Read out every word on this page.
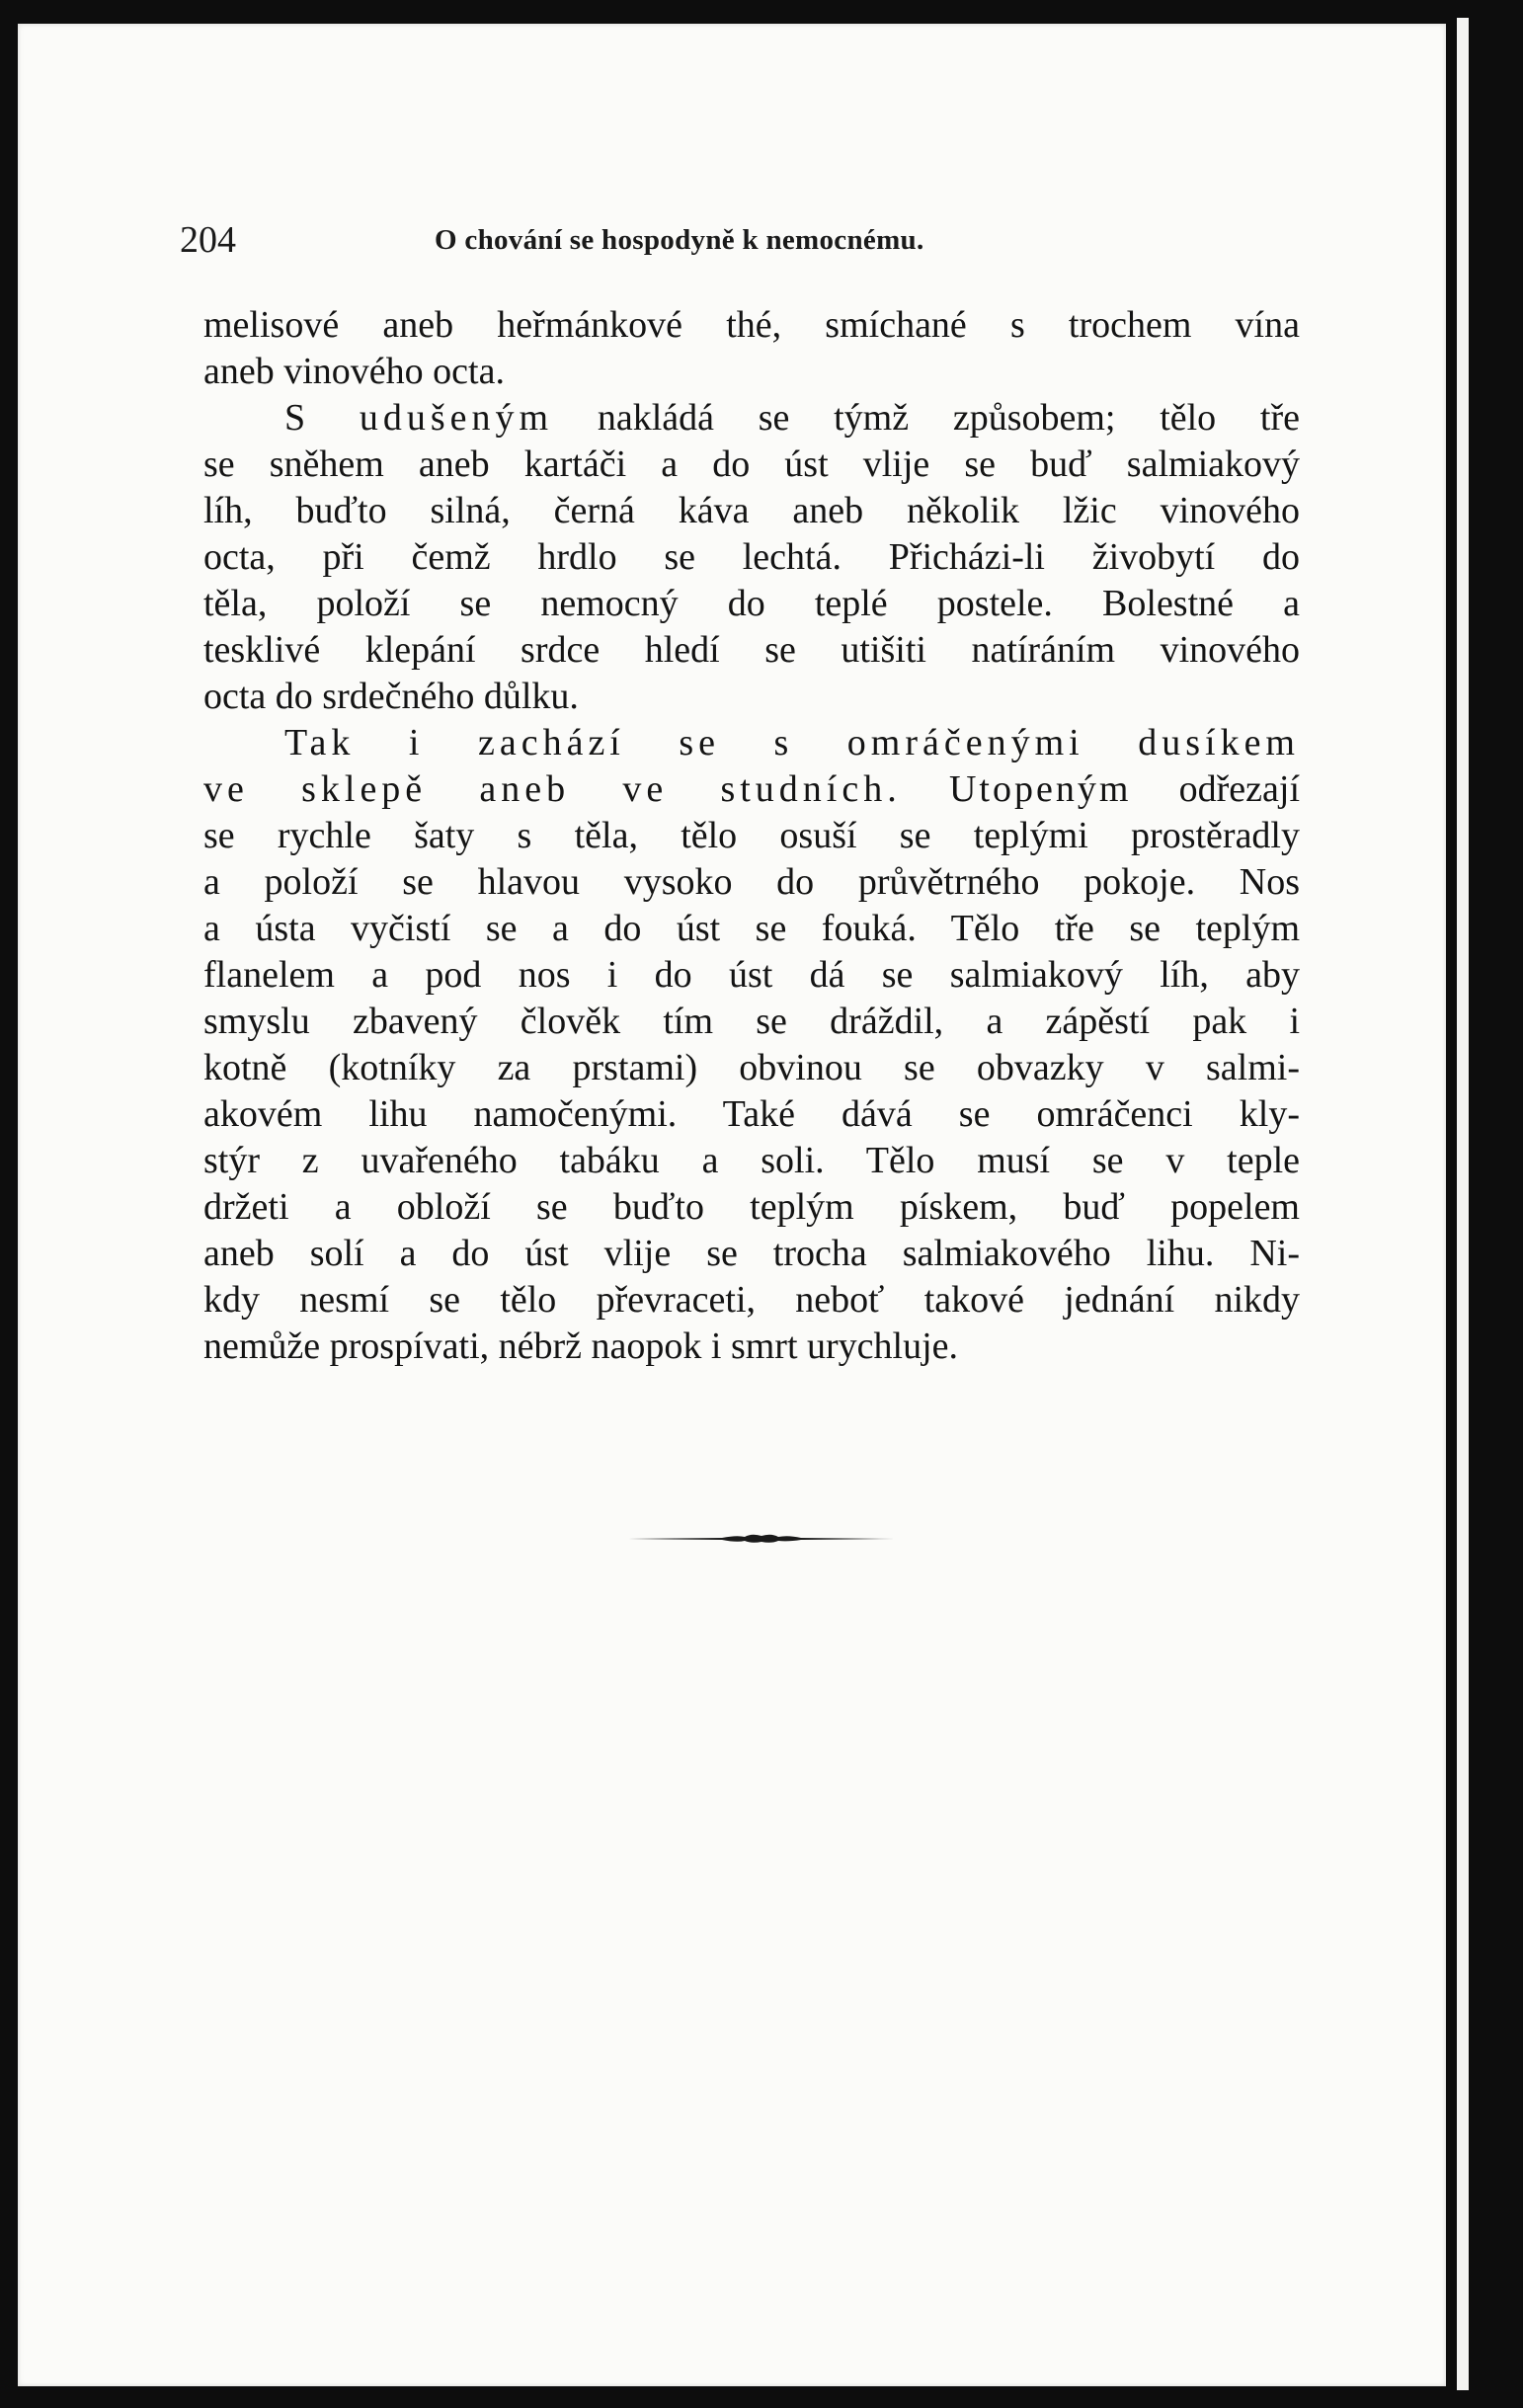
204	O chování se hospodyně k nemocnému.
melisové aneb heřmánkové thé, smíchané s trochem vína
aneb vinového octa.
S udušeným nakládá se týmž způsobem; tělo tře
se sněhem aneb kartáči a do úst vlije se buď salmiakový
líh, buďto silná, černá káva aneb několik lžic vinového
octa, při čemž hrdlo se lechtá. Přicházi-li živobytí do
těla, položí se nemocný do teplé postele. Bolestné a
tesklivé klepání srdce hledí se utišiti natíráním vinového
octa do srdečného důlku.
Tak i zachází se s omráčenými dusíkem
ve sklepě aneb ve studních. Utopeným odřezají
se rychle šaty s těla, tělo osuší se teplými prostěradly
a položí se hlavou vysoko do průvětrného pokoje. Nos
a ústa vyčistí se a do úst se fouká. Tělo tře se teplým
flanelem a pod nos i do úst dá se salmiakový líh, aby
smyslu zbavený člověk tím se dráždil, a zápěstí pak i
kotně (kotníky za prstami) obvinou se obvazky v salmi-
akovém lihu namočenými. Také dává se omráčenci kly-
stýr z uvařeného tabáku a soli. Tělo musí se v teple
držeti a obloží se buďto teplým pískem, buď popelem
aneb solí a do úst vlije se trocha salmiakového lihu. Ni-
kdy nesmí se tělo převraceti, neboť takové jednání nikdy
nemůže prospívati, nébrž naopok i smrt urychluje.
